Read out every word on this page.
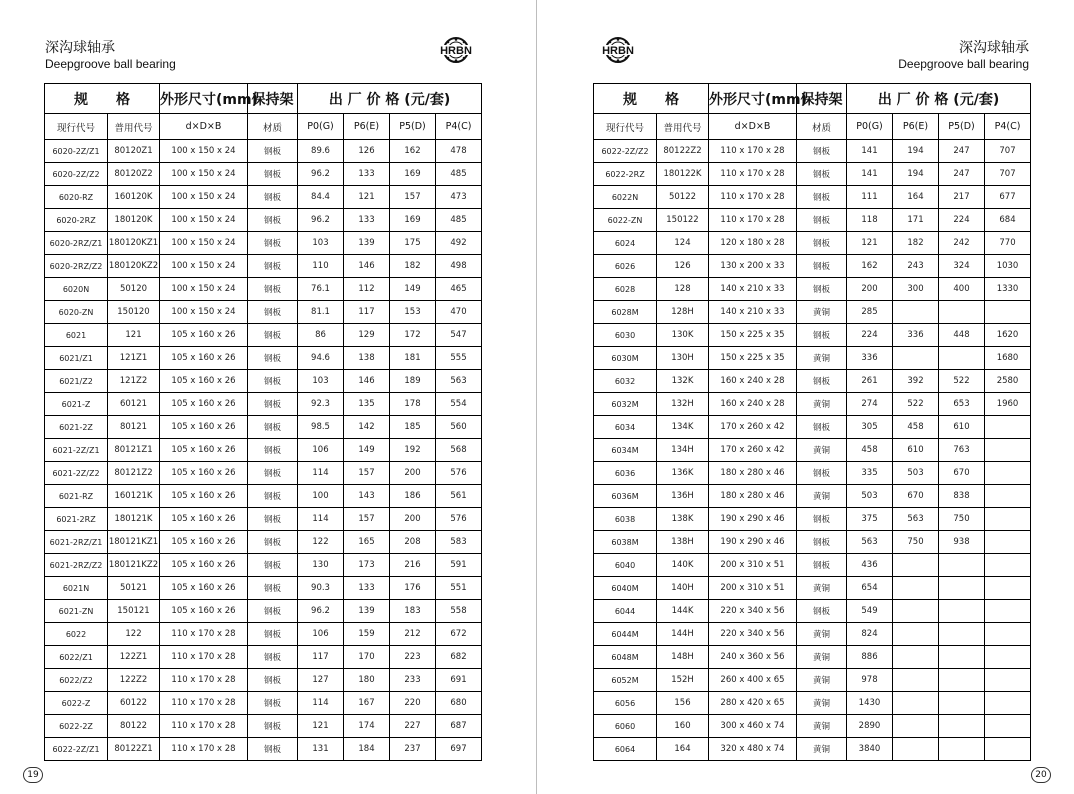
深沟球轴承
Deepgroove ball bearing
HRBN
规　　格		外形尺寸(mm)	保持架	出 厂 价 格 (元/套)			
现行代号	普用代号	d×D×B	材质	P0(G)	P6(E)	P5(D)	P4(C)
6020-2Z/Z1	80120Z1	100 x 150 x 24	钢板	89.6	126	162	478
6020-2Z/Z2	80120Z2	100 x 150 x 24	钢板	96.2	133	169	485
6020-RZ	160120K	100 x 150 x 24	钢板	84.4	121	157	473
6020-2RZ	180120K	100 x 150 x 24	钢板	96.2	133	169	485
6020-2RZ/Z1	180120KZ1	100 x 150 x 24	钢板	103	139	175	492
6020-2RZ/Z2	180120KZ2	100 x 150 x 24	钢板	110	146	182	498
6020N	50120	100 x 150 x 24	钢板	76.1	112	149	465
6020-ZN	150120	100 x 150 x 24	钢板	81.1	117	153	470
6021	121	105 x 160 x 26	钢板	86	129	172	547
6021/Z1	121Z1	105 x 160 x 26	钢板	94.6	138	181	555
6021/Z2	121Z2	105 x 160 x 26	钢板	103	146	189	563
6021-Z	60121	105 x 160 x 26	钢板	92.3	135	178	554
6021-2Z	80121	105 x 160 x 26	钢板	98.5	142	185	560
6021-2Z/Z1	80121Z1	105 x 160 x 26	钢板	106	149	192	568
6021-2Z/Z2	80121Z2	105 x 160 x 26	钢板	114	157	200	576
6021-RZ	160121K	105 x 160 x 26	钢板	100	143	186	561
6021-2RZ	180121K	105 x 160 x 26	钢板	114	157	200	576
6021-2RZ/Z1	180121KZ1	105 x 160 x 26	钢板	122	165	208	583
6021-2RZ/Z2	180121KZ2	105 x 160 x 26	钢板	130	173	216	591
6021N	50121	105 x 160 x 26	钢板	90.3	133	176	551
6021-ZN	150121	105 x 160 x 26	钢板	96.2	139	183	558
6022	122	110 x 170 x 28	钢板	106	159	212	672
6022/Z1	122Z1	110 x 170 x 28	钢板	117	170	223	682
6022/Z2	122Z2	110 x 170 x 28	钢板	127	180	233	691
6022-Z	60122	110 x 170 x 28	钢板	114	167	220	680
6022-2Z	80122	110 x 170 x 28	钢板	121	174	227	687
6022-2Z/Z1	80122Z1	110 x 170 x 28	钢板	131	184	237	697
19
HRBN	深沟球轴承
Deepgroove ball bearing
规　　格		外形尺寸(mm)	保持架	出 厂 价 格 (元/套)			
现行代号	普用代号	d×D×B	材质	P0(G)	P6(E)	P5(D)	P4(C)
6022-2Z/Z2	80122Z2	110 x 170 x 28	钢板	141	194	247	707
6022-2RZ	180122K	110 x 170 x 28	钢板	141	194	247	707
6022N	50122	110 x 170 x 28	钢板	111	164	217	677
6022-ZN	150122	110 x 170 x 28	钢板	118	171	224	684
6024	124	120 x 180 x 28	钢板	121	182	242	770
6026	126	130 x 200 x 33	钢板	162	243	324	1030
6028	128	140 x 210 x 33	钢板	200	300	400	1330
6028M	128H	140 x 210 x 33	黄铜	285			
6030	130K	150 x 225 x 35	钢板	224	336	448	1620
6030M	130H	150 x 225 x 35	黄铜	336			1680
6032	132K	160 x 240 x 28	钢板	261	392	522	2580
6032M	132H	160 x 240 x 28	黄铜	274	522	653	1960
6034	134K	170 x 260 x 42	钢板	305	458	610	
6034M	134H	170 x 260 x 42	黄铜	458	610	763	
6036	136K	180 x 280 x 46	钢板	335	503	670	
6036M	136H	180 x 280 x 46	黄铜	503	670	838	
6038	138K	190 x 290 x 46	钢板	375	563	750	
6038M	138H	190 x 290 x 46	钢板	563	750	938	
6040	140K	200 x 310 x 51	钢板	436			
6040M	140H	200 x 310 x 51	黄铜	654			
6044	144K	220 x 340 x 56	钢板	549			
6044M	144H	220 x 340 x 56	黄铜	824			
6048M	148H	240 x 360 x 56	黄铜	886			
6052M	152H	260 x 400 x 65	黄铜	978			
6056	156	280 x 420 x 65	黄铜	1430			
6060	160	300 x 460 x 74	黄铜	2890			
6064	164	320 x 480 x 74	黄铜	3840			
20
